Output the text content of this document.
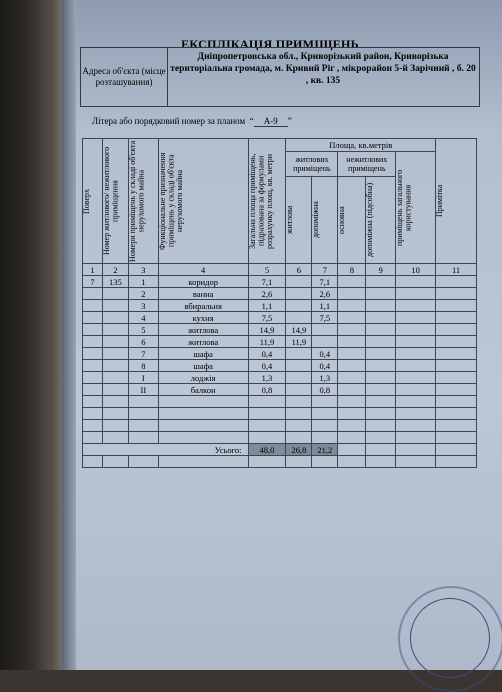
ЕКСПЛІКАЦІЯ ПРИМІЩЕНЬ
Адреса об'єкта (місце розташування)
Дніпропетровська обл., Криворізький район, Криворізька територіальна громада, м. Кривий Ріг , мікрорайон 5-й Зарічний , б. 20 , кв. 135
Літера або порядковий номер за планом  “ А-9 ”
Поверх	Номер житлового/ нежитлового приміщення	Номери приміщень у складі об'єкта нерухомого майна	Функціональне призначення приміщень у складі об'єкта нерухомого майна	Загальна площа приміщень, підрахована за формулами розрахунку площ, кв. метри	Площа, кв.метрів					Примітка

					житлових приміщень		нежитлових приміщень		приміщень загального користування	

					житлова	допоміжна	основна	допоміжна (підсобна)		

1	2	3	4	5	6	7	8	9	10	11
7	135	1	коридор	7,1		7,1				
		2	ванна	2,6		2,6				
		3	вбиральня	1,1		1,1				
		4	кухня	7,5		7,5				
		5	житлова	14,9	14,9					
		6	житлова	11,9	11,9					
		7	шафа	0,4		0,4				
		8	шафа	0,4		0,4				
		I	лоджія	1,3		1,3				
		II	балкон	0,8		0,8				

Усього:				48,0	26,8	21,2				
